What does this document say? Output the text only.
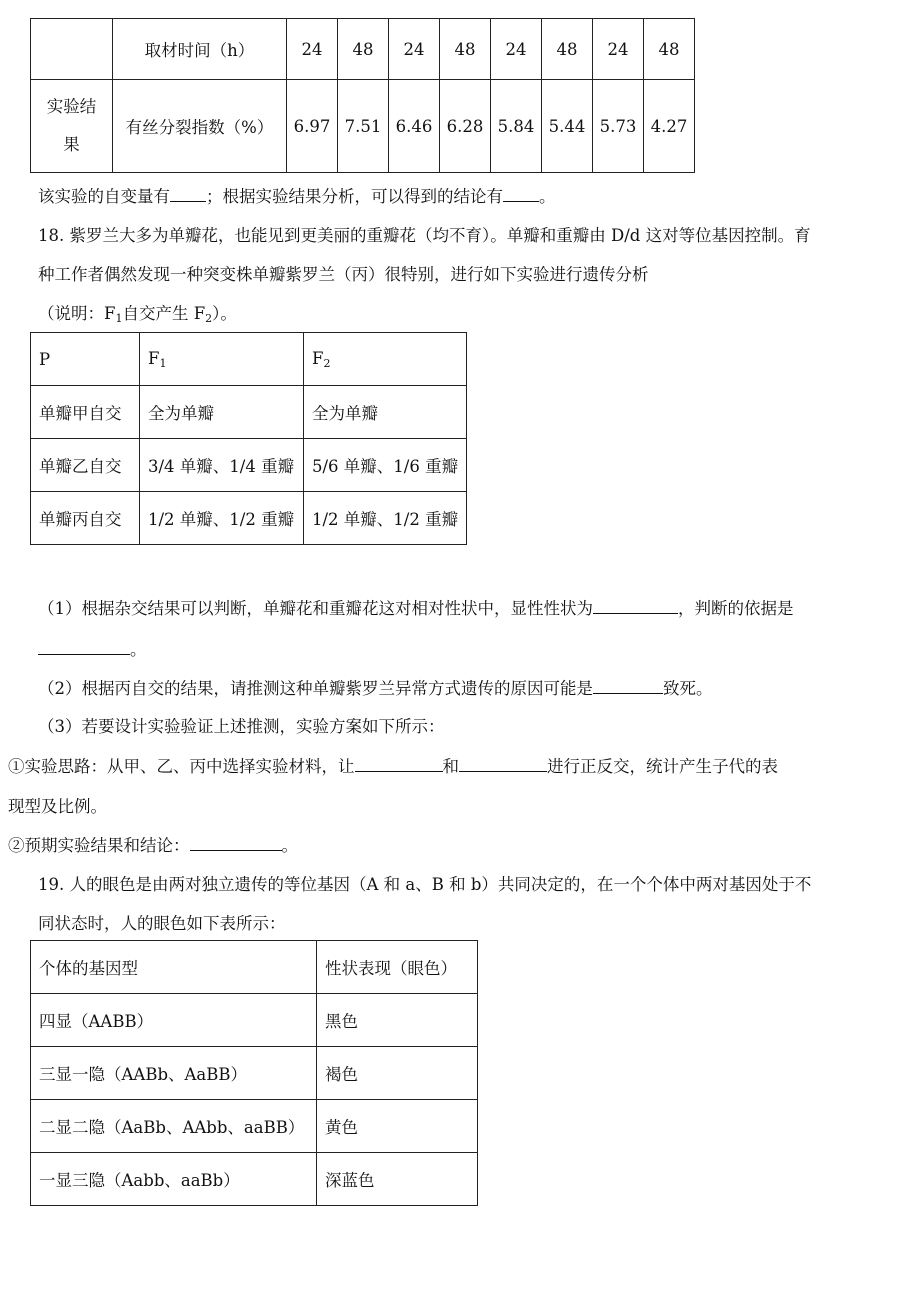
	取材时间（h）	24	48	24	48	24	48	24	48

实验结
果	有丝分裂指数（%）	6.97	7.51	6.46	6.28	5.84	5.44	5.73	4.27
该实验的自变量有 ；根据实验结果分析，可以得到的结论有 。
18. 紫罗兰大多为单瓣花，也能见到更美丽的重瓣花（均不育）。单瓣和重瓣由 D/d 这对等位基因控制。育
种工作者偶然发现一种突变株单瓣紫罗兰（丙）很特别，进行如下实验进行遗传分析
（说明：$F_1$自交产生 $F_2$）。
P	$F_1$	$F_2$
单瓣甲自交	全为单瓣	全为单瓣
单瓣乙自交	3/4 单瓣、1/4 重瓣	5/6 单瓣、1/6 重瓣
单瓣丙自交	1/2 单瓣、1/2 重瓣	1/2 单瓣、1/2 重瓣
（1）根据杂交结果可以判断，单瓣花和重瓣花这对相对性状中，显性性状为	，判断的依据是
。
（2）根据丙自交的结果，请推测这种单瓣紫罗兰异常方式遗传的原因可能是	致死。
（3）若要设计实验验证上述推测，实验方案如下所示：
①实验思路：从甲、乙、丙中选择实验材料，让	和	进行正反交，统计产生子代的表
现型及比例。
②预期实验结果和结论：	。
19. 人的眼色是由两对独立遗传的等位基因（A 和 a、B 和 b）共同决定的，在一个个体中两对基因处于不
同状态时，人的眼色如下表所示：
个体的基因型	性状表现（眼色）
四显（AABB）	黑色
三显一隐（AABb、AaBB）	褐色
二显二隐（AaBb、AAbb、aaBB）	黄色
一显三隐（Aabb、aaBb）	深蓝色
